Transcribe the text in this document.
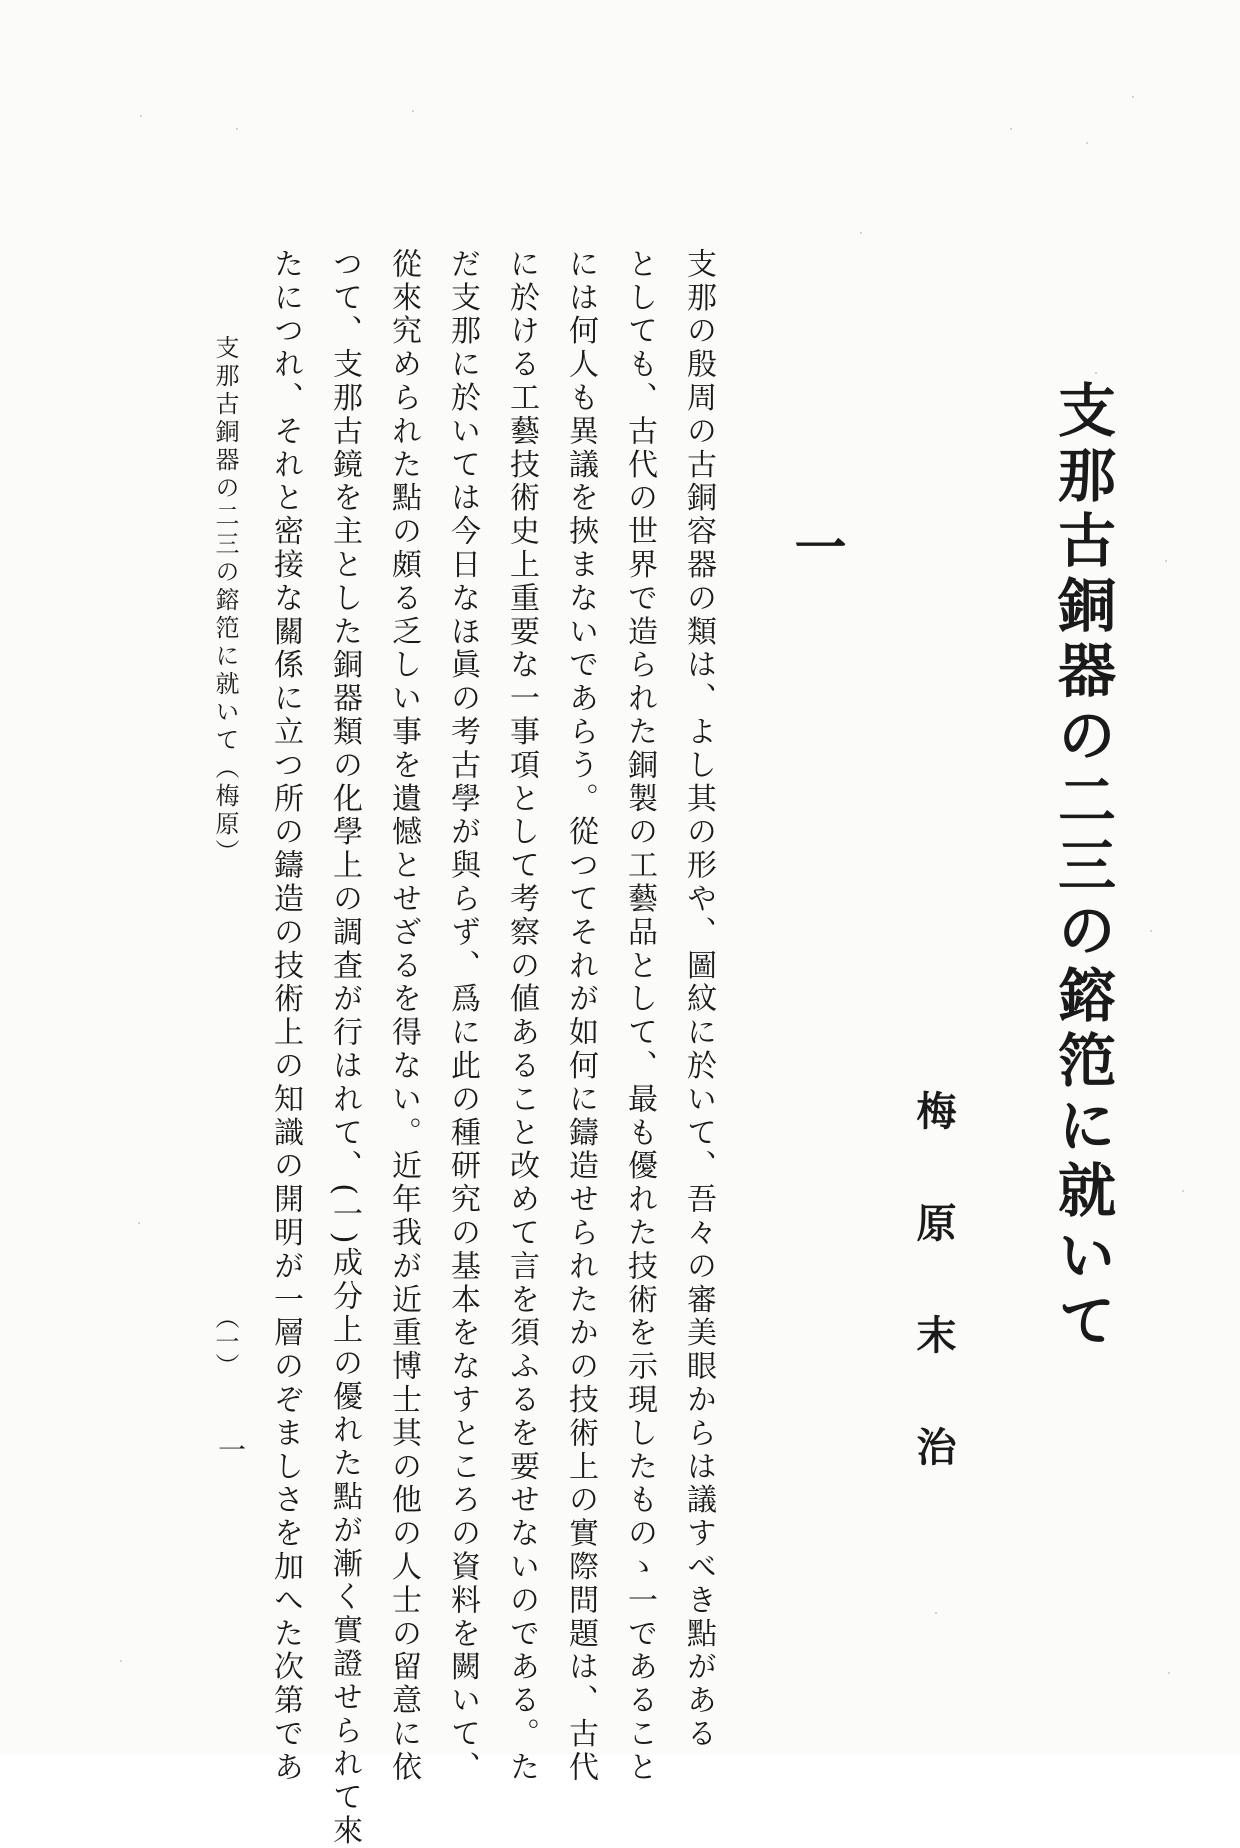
支那古銅器の二三の鎔笵に就いて
梅 原 末 治
一
支那の殷周の古銅容器の類は、よし其の形や、圖紋に於いて、吾々の審美眼からは議すべき點がある
としても、古代の世界で造られた銅製の工藝品として、最も優れた技術を示現したものゝ一であること
には何人も異議を挾まないであらう。從つてそれが如何に鑄造せられたかの技術上の實際問題は、古代
に於ける工藝技術史上重要な一事項として考察の値あること改めて言を須ふるを要せないのである。た
だ支那に於いては今日なほ眞の考古學が與らず、爲に此の種研究の基本をなすところの資料を闕いて、
從來究められた點の頗る乏しい事を遺憾とせざるを得ない。近年我が近重博士其の他の人士の留意に依
つて、支那古鏡を主とした銅器類の化學上の調査が行はれて、(一)成分上の優れた點が漸く實證せられて來
たにつれ、それと密接な關係に立つ所の鑄造の技術上の知識の開明が一層のぞましさを加へた次第であ
支那古銅器の二三の鎔笵に就いて（梅原）
（一）
一
